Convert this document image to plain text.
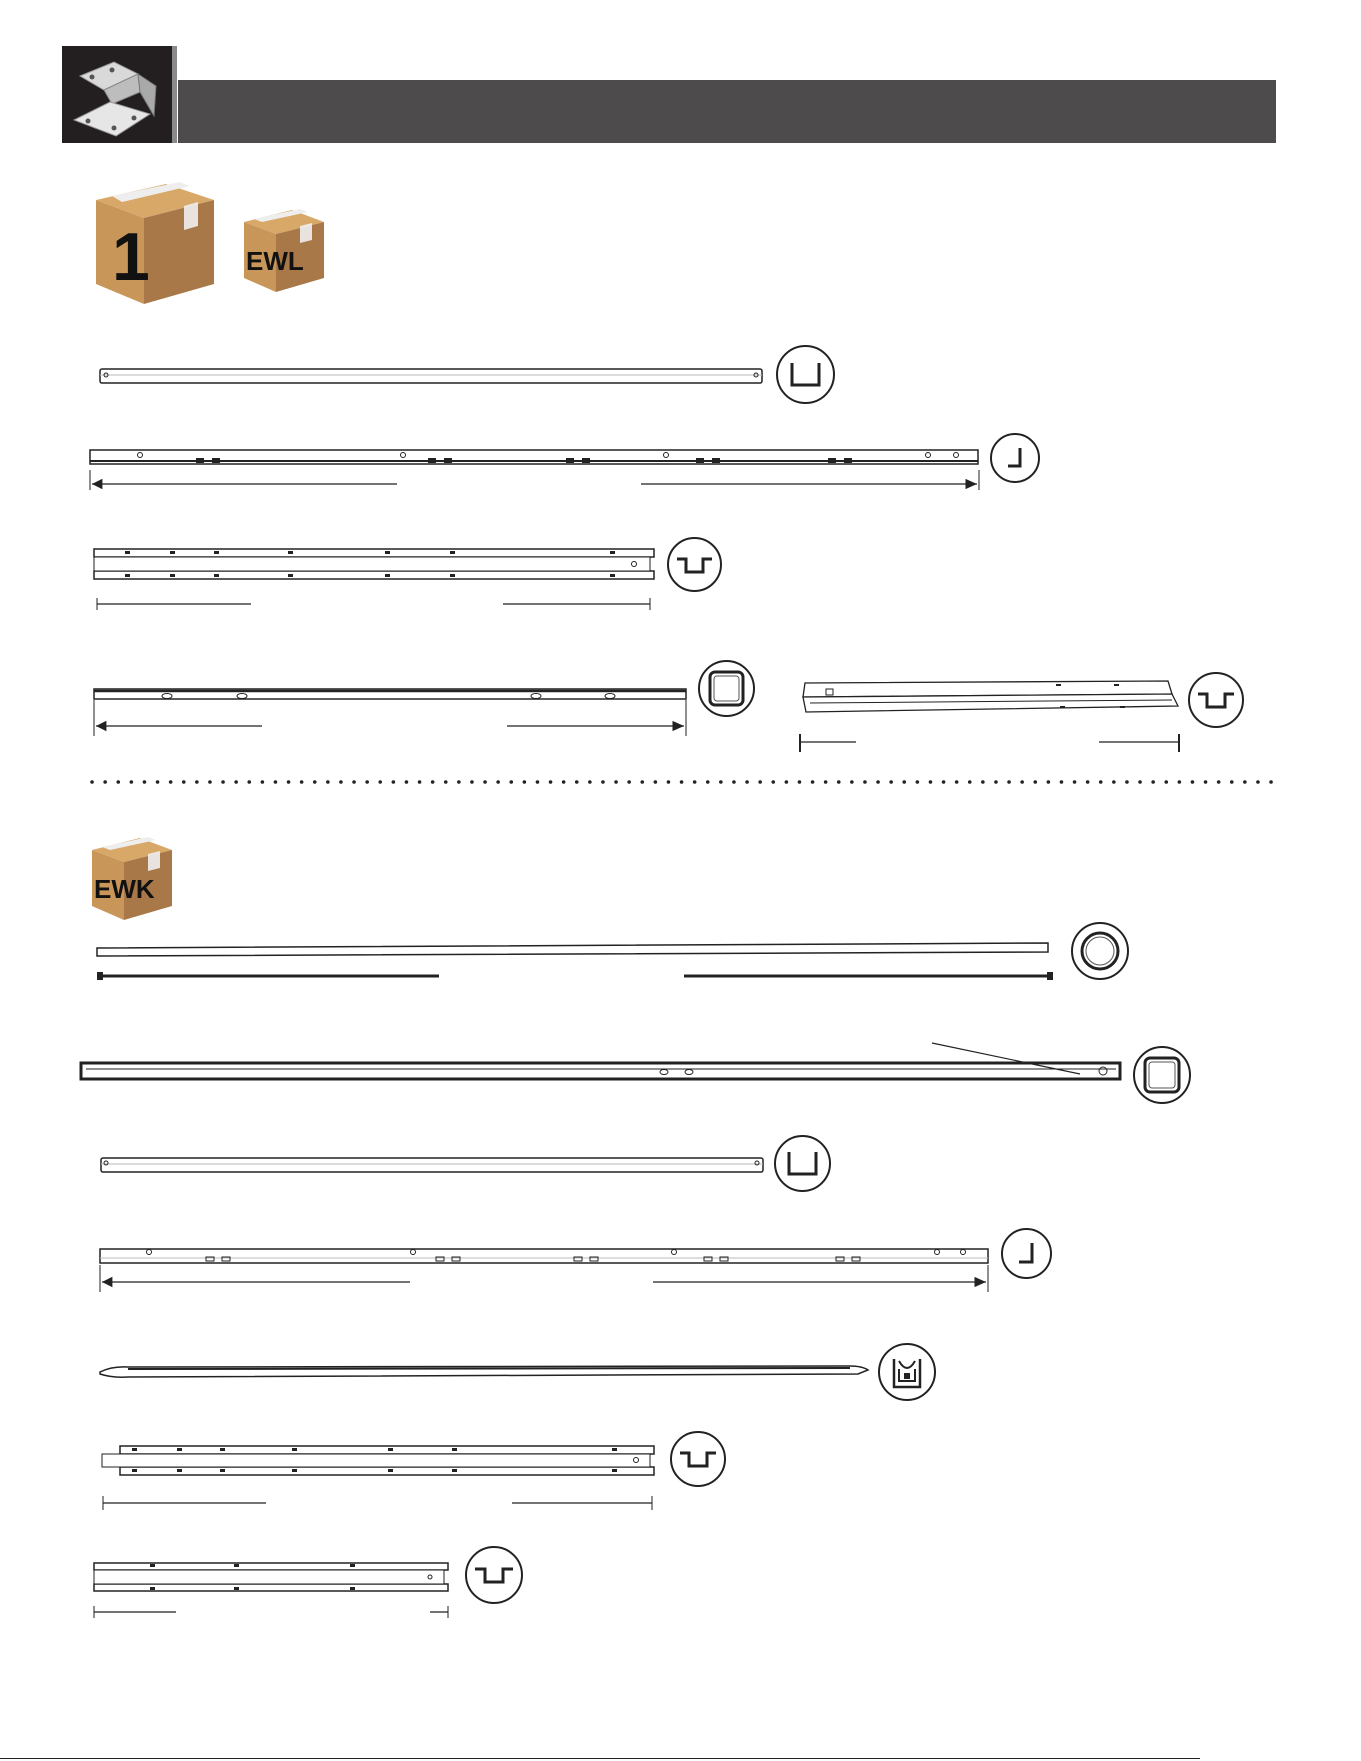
1	EWL
EWK
